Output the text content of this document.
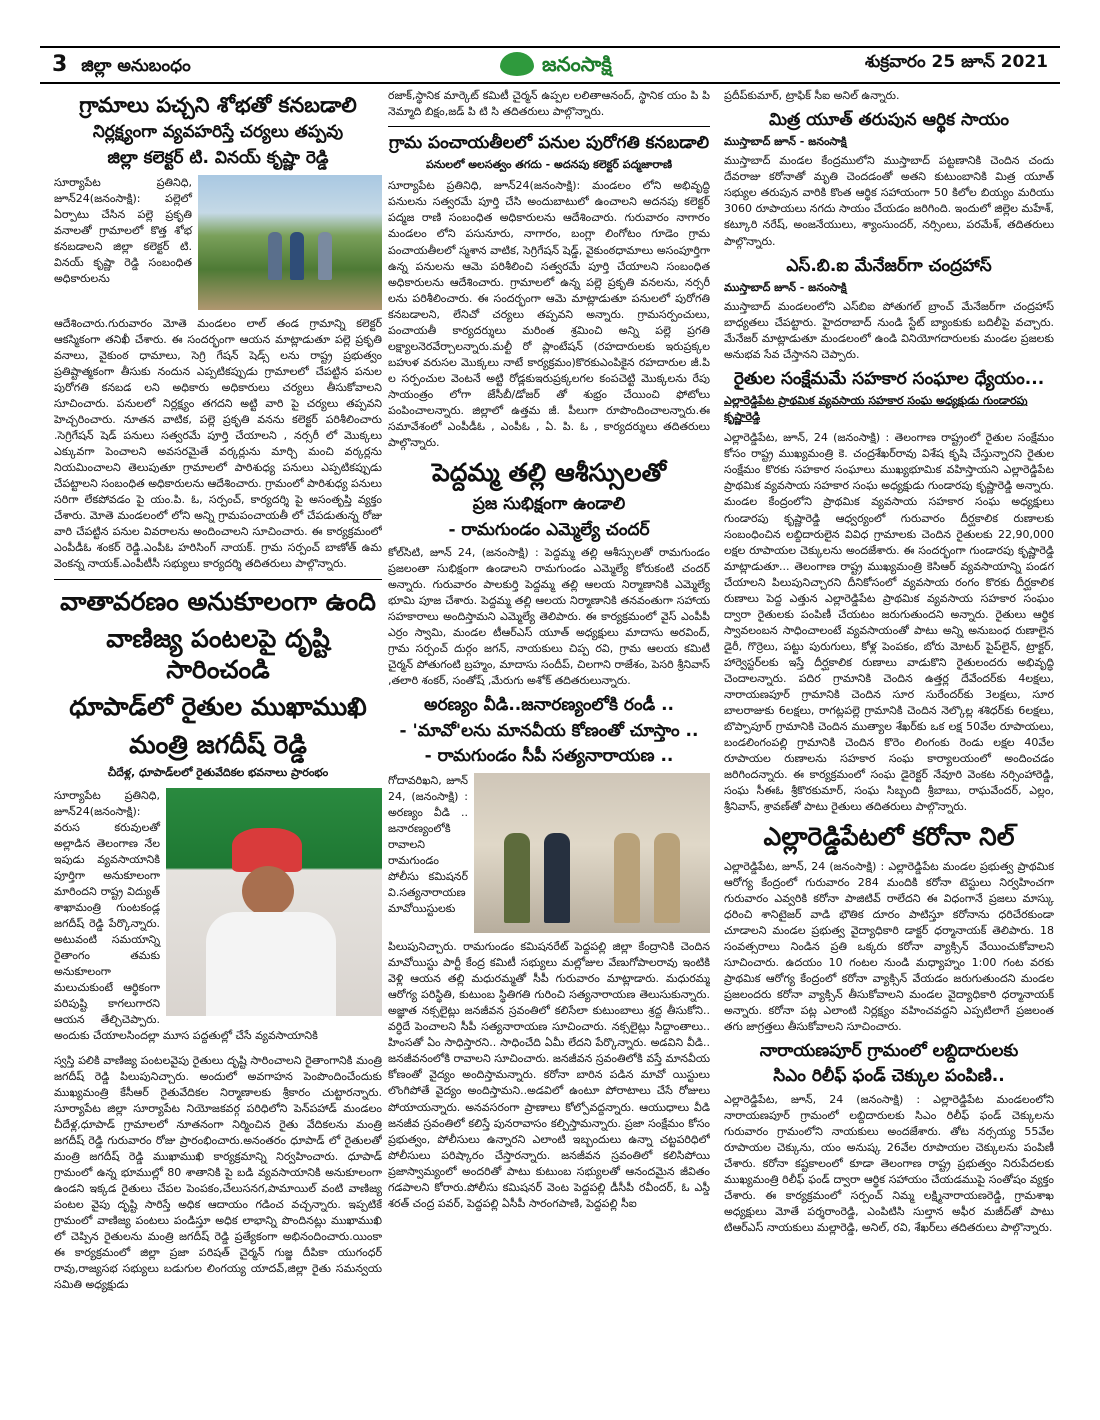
3 జిల్లా అనుబంధం	జనంసాక్షి	శుక్రవారం 25 జూన్ 2021
గ్రామాలు పచ్చని శోభతో కనబడాలి
నిర్లక్ష్యంగా వ్యవహరిస్తే చర్యలు తప్పవు
జిల్లా కలెక్టర్ టి. వినయ్ కృష్ణా రెడ్డి

సూర్యాపేట ప్రతినిధి, జూన్24(జనంసాక్షి): పల్లెలో ఏర్పాటు చేసిన పల్లె ప్రకృతి వనాలతో గ్రామాలలో కొత్త శోభ కనబడాలని జిల్లా కలెక్టర్ టి. వినయ్ కృష్ణా రెడ్డి సంబంధిత అధికారులను

ఆదేశించారు.గురువారం మోతె మండలం లాల్ తండ గ్రామాన్ని కలెక్టర్ ఆకస్మికంగా తనిఖీ చేశారు. ఈ సందర్భంగా ఆయన మాట్లాడుతూ పల్లె ప్రకృతి వనాలు, వైకుంఠ ధామాలు, సెగ్రి గేషన్ షెడ్స్ లను రాష్ట్ర ప్రభుత్వం ప్రతిష్టాత్మకంగా తీసుకు నందున ఎప్పటికప్పుడు గ్రామాలలో చేపట్టిన పనుల పురోగతి కనబడ లని అధికారు అధికారులు చర్యలు తీసుకోవాలని సూచించారు. పనులలో నిర్లక్ష్యం తగదని అట్టి వారి పై చర్యలు తప్పవని హెచ్చరించారు. నూతన వాటిక, పల్లె ప్రకృతి వనను కలెక్టర్ పరిశీలించారు .సెగ్రిగేషన్ షెడ్ పనులు సత్వరమే పూర్తి చేయాలని , నర్సరీ లో మొక్కలు ఎక్కువగా పెంచాలని అవసరమైతే వర్కర్లును మార్చి మంచి వర్కర్లను నియమించాలని తెలుపుతూ గ్రామాలలో పారిశుధ్య పనులు ఎప్పటికప్పుడు చేపట్టాలని సంబంధిత అధికారులను ఆదేశించారు. గ్రామంలో పారిశుధ్య పనులు సరిగా లేకపోవడం పై యం.పి. ఓ, సర్పంచ్, కార్యదర్శి పై అసంతృప్తి వ్యక్తం చేశారు. మోతె మండలంలో లోని అన్ని గ్రామపంచాయతీ లో చేపడుతున్న రోజు వారి చేపట్టిన పనుల వివరాలను అందించాలని సూచించారు. ఈ కార్యక్రమంలో ఎంపీడీఓ శంకర్ రెడ్డి.ఎంపీఓ హరిసింగ్ నాయక్. గ్రామ సర్పంచ్ బాణోత్ ఉమ వెంకన్న నాయక్.ఎంపీటీసీ సభ్యులు కార్యదర్శి తదితరులు పాల్గొన్నారు.

వాతావరణం అనుకూలంగా ఉంది
వాణిజ్య పంటలపై దృష్టి సారించండి
ధూపాడ్‌లో రైతుల ముఖాముఖి
మంత్రి జగదీష్ రెడ్డి
చీదేళ్ల, ధూపాడ్‌లలో రైతువేదికల భవనాలు ప్రారంభం

సూర్యాపేట ప్రతినిధి, జూన్24(జనంసాక్షి): వరుస కరువులతో అల్లాడిన తెలంగాణ నేల ఇపుడు వ్యవసాయానికి పూర్తిగా అనుకూలంగా మారిందని రాష్ట్ర విద్యుత్ శాఖామంత్రి గుంటకండ్ల జగదీష్ రెడ్డి పేర్కొన్నారు. అటువంటి సమయాన్ని రైతాంగం తమకు అనుకూలంగా మలుచుకుంటే ఆర్థికంగా పరిపుష్టి కాగలుగారని ఆయన తేల్చిచెప్పారు. అందుకు చేయాలసిందల్లా మూస పద్దతుల్లో చేసే వ్యవసాయానికి

స్వస్తి పలికి వాణిజ్య పంటలవైపు రైతులు దృష్టి సారించాలని రైతాంగానికి మంత్రి జగదీష్ రెడ్డి పిలుపునిచ్చారు. అందులో అవగాహన పెంపొందించేందుకు ముఖ్యమంత్రి కేసీఆర్ రైతువేదికల నిర్మాణాలకు శ్రీకారం చుట్టారన్నారు. సూర్యాపేట జిల్లా సూర్యాపేట నియోజకవర్గ పరిధిలోని పెన్‌పహాడ్ మండలం చీదేళ్ల,ధూపాడ్ గ్రామాలలో నూతనంగా నిర్మించిన రైతు వేదికలను మంత్రి జగదీష్ రెడ్డి గురువారం రోజు ప్రారంభించారు.అనంతరం ధూపాడ్ లో రైతులతో మంత్రి జగదీష్ రెడ్డి ముఖాముఖి కార్యక్రమాన్ని నిర్వహించారు. ధూపాడ్ గ్రామంలో ఉన్న భూముల్లో 80 శాతానికి పై బడి వ్యవసాయానికి అనుకూలంగా ఉండని ఇక్కడ రైతులు చేపల పెంపకం,చేలుసనగ,పామాయిల్ వంటి వాణిజ్య పంటల వైపు దృష్టి సారిస్తే అధిక ఆదాయం గడించ వచ్చన్నారు. ఇప్పటికే గ్రామంలో వాణిజ్య పంటలు పండిస్తూ అధిక లాభాన్ని పొందినట్లు ముఖాముఖి లో చెప్పిన రైతులను మంత్రి జగదీష్ రెడ్డి ప్రత్యేకంగా అభినందించారు.యింకా ఈ కార్యక్రమంలో జిల్లా ప్రజా పరిషత్ చైర్మన్ గుజ్జ దీపికా యుగంధర్ రావు,రాజ్యసభ సభ్యులు బడుగుల లింగయ్య యాదవ్,జిల్లా రైతు సమన్వయ సమితి అధ్యక్షుడు

రజాక్,స్థానిక మార్కెట్ కమిటీ చైర్మన్ ఉప్పల లలితాఆనంద్, స్థానిక యం పి పి నెమ్మాది బిక్షం,జడ్ పి టి సి తదితరులు పాల్గొన్నారు.

గ్రామ పంచాయతీలలో పనుల పురోగతి కనబడాలి
పనులలో అలసత్వం తగదు - అదనపు కలెక్టర్ పద్మజారాణి

సూర్యాపేట ప్రతినిధి, జూన్24(జనంసాక్షి): మండలం లోని అభివృద్ధి పనులను సత్వరమే పూర్తి చేసి అందుబాటులో ఉంచాలని అదనపు కలెక్టర్ పద్మజ రాణి సంబంధిత అధికారులను ఆదేశించారు. గురువారం నాగారం మండలం లోని పసునూరు, నాగారం, బంగ్లా లింగోటం గూడెం గ్రామ పంచాయతీలలో స్మశాన వాటిక, సెగ్రిగేషన్ షెడ్డ్, వైకుంఠధామాలు అసంపూర్తిగా ఉన్న పనులను ఆమె పరిశీలించి సత్వరమే పూర్తి చేయాలని సంబంధిత అధికారులను ఆదేశించారు. గ్రామాలలో ఉన్న పల్లె ప్రకృతి వనలను, నర్సరీ లను పరిశీలించారు. ఈ సందర్భంగా ఆమె మాట్లాడుతూ పనులలో పురోగతి కనబడాలని, లేనిచో చర్యలు తప్పవని అన్నారు. గ్రామసర్పంచులు, పంచాయతీ కార్యదర్శులు మరింత శ్రమించి అన్ని పల్లె ప్రగతి లక్ష్యాలనెరవేర్చాలన్నారు.మల్టీ రో ప్లాంటేషన్ (రహదారులకు ఇరుప్రక్కల బహుళ వరుసల మొక్కలు నాటే కార్యక్రమం)కొరకుఎంపికైన రహదారుల జీ.పి ల సర్పంచుల వెంటనే అట్టి రోడ్లకుఇరుప్రక్కలగల కంపచెట్టి మొక్కలను రేపు సాయంత్రం లోగా జేసీబీ/డోజర్ తో శుభ్రం చేయించి ఫోటోలు పంపించాలన్నారు. జిల్లాలో ఉత్తమ జీ. పీలుగా రూపొందించాలన్నారు.ఈ సమావేశంలో ఎంపీడీఓ , ఎంపీఓ , ఏ. పి. ఓ , కార్యదర్శులు తదితరులు పాల్గొన్నారు.

పెద్దమ్మ తల్లి ఆశీస్సులతో
ప్రజ సుభిక్షంగా ఉండాలి
- రామగుండం ఎమ్మెల్యే చందర్

కోల్‌సిటి, జూన్ 24, (జనంసాక్షి) : పెద్దమ్మ తల్లి ఆశీస్సులతో రామగుండం ప్రజలంతా సుభిక్షంగా ఉండాలని రామగుండం ఎమ్మెల్యే కోరుకంటి చందర్ అన్నారు. గురువారం పాలకుర్తి పెద్దమ్మ తల్లి ఆలయ నిర్మాణానికి ఎమ్మెల్యే భూమి పూజ చేశారు. పెద్దమ్మ తల్లి ఆలయ నిర్మాణానికి తనవంతుగా సహాయ సహకారాలు అందిస్తామని ఎమ్మెల్యే తెలిపారు. ఈ కార్యక్రమంలో వైస్ ఎంపీపీ ఎర్రం స్వామి, మండల టీఆర్ఎస్ యూత్ అధ్యక్షులు మాదాసు అరవింద్, గ్రామ సర్పంచ్ దుర్గం జగన్, నాయకులు చిప్ప రవి, గ్రామ ఆలయ కమిటీ చైర్మన్ పోతుగంటి బ్రహ్మం, మాదాసు సందీప్, చిలగాని రాజేశం, పెసరి శ్రీనివాస్ ,తలారి శంకర్, సంతోష్ ,మేరుగు అశోక్ తదితరులున్నారు.

అరణ్యం వీడి..జనారణ్యంలోకి రండీ ..
- 'మావో'లను మానవీయ కోణంతో చూస్తాం ..
- రామగుండం సీపీ సత్యనారాయణ ..

గోదావరిఖని, జూన్ 24, (జనంసాక్షి) : అరణ్యం వీడి .. జనారణ్యంలోకి రావాలని రామగుండం పోలీసు కమిషనర్ వి.సత్యనారాయణ మావోయిస్టులకు

పిలుపునిచ్చారు. రామగుండం కమిషనరేట్ పెద్దపల్లి జిల్లా కేంద్రానికి చెందిన మావోయిస్టు పార్టీ కేంద్ర కమిటీ సభ్యులు మల్లోజుల వేణుగోపాలరావు ఇంటికి వెళ్లి ఆయన తల్లి మధురమ్మతో సీపీ గురువారం మాట్లాడారు. మధురమ్మ ఆరోగ్య పరిస్థితి, కుటుంబ స్థితిగతి గురించి సత్యనారాయణ తెలుసుకున్నారు. అజ్ఞాత నక్సలైట్లు జనజీవన స్రవంతిలో కలిసేలా కుటుంబాలు శ్రద్ద తీసుకోని.. వర్ధిదే పెంచాలని సీపీ సత్యనారాయణ సూచించారు. నక్సలైట్లు సిద్దాంతాలు.. హింసతో ఏం సాధిస్తారని.. సాధించేది ఏమీ లేదని పేర్కొన్నారు. అడవిని వీడి.. జనజీవనంలోకి రావాలని సూచించారు. జనజీవన స్రవంతిలోకి వస్తే మానవీయ కోణంతో వైద్యం అందిస్తామన్నారు. కరోనా బారిన పడిన మావో యిస్టులు లొంగిపోతే వైద్యం అందిస్తామని..అడవిలో ఉంటూ పోరాటాలు చేసే రోజులు పోయాయన్నారు. అనవసరంగా ప్రాణాలు కోల్పోవద్దన్నారు. ఆయుధాలు వీడి జనజీవ స్రవంతిలో కలిస్తే పునరావాసం కల్పిస్తామన్నారు. ప్రజా సంక్షేమం కోసం ప్రభుత్వం, పోలీసులు ఉన్నారని ఎలాంటి ఇబ్బందులు ఉన్నా చట్టపరిధిలో పోలీసులు పరిష్కారం చేస్తారన్నారు. జనజీవన స్రవంతిలో కలిసిపోయి ప్రజాస్వామ్యంలో అందరితో పాటు కుటుంబ సభ్యులతో ఆనందమైన జీవితం గడపాలని కోరారు.పోలీసు కమిషనర్ వెంట పెద్దపల్లి డీసీపీ రవీందర్, ఓ ఎస్డీ శరత్ చంద్ర పవర్, పెద్దపల్లి ఏసీపీ సారంగపాణి, పెద్దపల్లి సీఐ

ప్రదీప్‌కుమార్, ట్రాఫిక్ సీఐ అనిల్ ఉన్నారు.

మిత్ర యూత్ తరుపున ఆర్థిక సాయం
ముస్తాబాద్ జూన్ - జనంసాక్షి

ముస్తాబాద్ మండల కేంద్రములోని ముస్తాబాద్ పట్టణానికి చెందిన చందు దేవరాజు కరోనాతో మృతి చెందడంతో అతని కుటుంబానికి మిత్ర యూత్ సభ్యుల తరుపున వారికి కొంత ఆర్థిక సహాయంగా 50 కిలోల బియ్యం మరియు 3060 రూపాయలు నగదు సాయం చేయడం జరిగింది. ఇందులో జిల్లెల మహేశ్, కట్కూరి నరేష్, అంజనేయులు, శ్యాంసుందర్, నర్సింలు, పరమేశ్, తదితరులు పాల్గొన్నారు.

ఎస్.బి.ఐ మేనేజర్‌గా చంద్రహాస్
ముస్తాబాద్ జూన్ - జనంసాక్షి

ముస్తాబాద్ మండలంలోని ఎస్‌బిఐ పోతుగల్ బ్రాంచ్ మేనేజర్‌గా చంద్రహాస్ బాధ్యతలు చేపట్టారు. హైదరాబాద్ నుండి స్టేట్ బ్యాంకుకు బదిలీపై వచ్చారు. మేనేజర్ మాట్లాడుతూ మండలంలో ఉండి వినియోగదారులకు మండల ప్రజలకు అనుభవ సేవ చేస్తానని చెప్పారు.

రైతుల సంక్షేమమే సహకార సంఘాల ధ్యేయం...
ఎల్లారెడ్డిపేట ప్రాథమిక వ్యవసాయ సహకార సంఘ అధ్యక్షుడు గుండారపు కృష్ణారెడ్డి

ఎల్లారెడ్డిపేట, జూన్, 24 (జనంసాక్షి) : తెలంగాణ రాష్ట్రంలో రైతుల సంక్షేమం కోసం రాష్ట్ర ముఖ్యమంత్రి కె. చంద్రశేఖర్‌రావు విశేష కృషి చేస్తున్నారని రైతుల సంక్షేమం కొరకు సహకార సంఘాలు ముఖ్యభూమిక వహిస్తాయని ఎల్లారెడ్డిపేట ప్రాథమిక వ్యవసాయ సహకార సంఘ అధ్యక్షుడు గుండారపు కృష్ణారెడ్డి అన్నారు. మండల కేంద్రంలోని ప్రాథమిక వ్యవసాయ సహకార సంఘ అధ్యక్షులు గుండారపు కృష్ణారెడ్డి ఆధ్వర్యంలో గురువారం దీర్ఘకాలిక రుణాలకు సంబంధించిన లబ్దిదారులైన వివిధ గ్రామాలకు చెందిన రైతులకు 22,90,000 లక్షల రూపాయల చెక్కులను అందజేశారు. ఈ సందర్భంగా గుండారపు కృష్ణారెడ్డి మాట్లాడుతూ... తెలంగాణ రాష్ట్ర ముఖ్యమంత్రి కెసిఆర్ వ్యవసాయాన్ని పండగ చేయాలని పిలుపునిచ్చారని దీనికోసంలో వ్యవసాయ రంగం కొరకు దీర్ఘకాలిక రుణాలు పెద్ద ఎత్తున ఎల్లారెడ్డిపేట ప్రాథమిక వ్యవసాయ సహకార సంఘం ద్వారా రైతులకు పంపిణీ చేయటం జరుగుతుందని అన్నారు. రైతులు ఆర్థిక స్వావలంబన సాధించాలంటే వ్యవసాయంతో పాటు అన్ని అనుబంధ రుణాలైన డైరీ, గొర్రెలు, పట్టు పురుగులు, కోళ్ల పెంపకం, బోరు మోటర్ పైప్‌లైన్, ట్రాక్టర్, హార్వెస్టర్‌లకు ఇస్తే దీర్ఘకాలిక రుణాలు వాడుకొని రైతులందరు అభివృద్ధి చెందాలన్నారు. పదిర గ్రామానికి చెందిన ఉత్తర్ల దేవేందర్‌కు 4లక్షలు, నారాయణపూర్ గ్రామానికి చెందిన సూర సురేందర్‌కు 3లక్షలు, సూర బాలరాజుకు 6లక్షలు, రాగట్లపల్లె గ్రామానికి చెందిన నెల్కొల్ల శశిధర్‌కు 6లక్షలు, బొప్పాపూర్ గ్రామానికి చెందిన ముత్యాల శేఖర్‌కు ఒక లక్ష 50వేల రూపాయలు, బండలింగంపల్లి గ్రామానికి చెందిన కొరెం లింగంకు రెండు లక్షల 40వేల రూపాయల రుణాలను సహకార సంఘ కార్యాలయంలో అందించడం జరిగిందన్నారు. ఈ కార్యక్రమంలో సంఘ డైరెక్టర్ నేవూరి వెంకట నర్సింహారెడ్డి, సంఘ సీఈఓ శ్రీకొరకుమార్, సంఘ సిబ్బంది శ్రీబాబు, రాఘవేందర్, ఎల్లం, శ్రీనివాస్, శ్రావణ్‌తో పాటు రైతులు తదితరులు పాల్గొన్నారు.

ఎల్లారెడ్డిపేటలో కరోనా నిల్

ఎల్లారెడ్డిపేట, జూన్, 24 (జనంసాక్షి) : ఎల్లారెడ్డిపేట మండల ప్రభుత్వ ప్రాథమిక ఆరోగ్య కేంద్రంలో గురువారం 284 మందికి కరోనా టెస్టులు నిర్వహించగా గురువారం ఎవ్వరికి కరోనా పాజిటివ్ రాలేదని ఈ విధంగానే ప్రజలు మాస్కు ధరించి శానిటైజర్ వాడి భౌతిక దూరం పాటిస్తూ కరోనాను ధరిచేరకుండా చూడాలని మండల ప్రభుత్వ వైద్యాధికారి డాక్టర్ ధర్మానాయక్ తెలిపారు. 18 సంవత్సరాలు నిండిన ప్రతి ఒక్కరు కరోనా వ్యాక్సిన్ వేయించుకోవాలని సూచించారు. ఉదయం 10 గంటల నుండి మధ్యాహ్నం 1:00 గంట వరకు ప్రాథమిక ఆరోగ్య కేంద్రంలో కరోనా వ్యాక్సిన్ వేయడం జరుగుతుందని మండల ప్రజలందరు కరోనా వ్యాక్సిన్ తీసుకోవాలని మండల వైద్యాధికారి ధర్మానాయక్ అన్నారు. కరోనా పట్ల ఎలాంటి నిర్లక్ష్యం వహించవద్దని ఎప్పటిలాగే ప్రజలంత తగు జాగ్రత్తలు తీసుకోవాలని సూచించారు.

నారాయణపూర్ గ్రామంలో లబ్దిదారులకు
సిఎం రిలీఫ్ ఫండ్ చెక్కుల పంపిణి..

ఎల్లారెడ్డిపేట, జూన్, 24 (జనంసాక్షి) : ఎల్లారెడ్డిపేట మండలంలోని నారాయణపూర్ గ్రామంలో లబ్దిదారులకు సిఎం రిలీఫ్ ఫండ్ చెక్కులను గురువారం గ్రామంలోని నాయకులు అందజేశారు. తోట నర్సయ్య 55వేల రూపాయల చెక్కును, యం అనుష్క 26వేల రూపాయల చెక్కులను పంపిణీ చేశారు. కరోనా కష్టకాలంలో కూడా తెలంగాణ రాష్ట్ర ప్రభుత్వం నిరుపేదలకు ముఖ్యమంత్రి రిలీఫ్ ఫండ్ ద్వారా ఆర్థిక సహాయం చేయడముపై సంతోషం వ్యక్తం చేశారు. ఈ కార్యక్రమంలో సర్పంచ్ నిమ్మ లక్ష్మినారాయణరెడ్డి, గ్రామశాఖ అధ్యక్షులు మోతే పర్శరాంరెడ్డి, ఎంపిటిసి సుల్తాన అఫీర మజీద్‌తో పాటు టిఆర్ఎస్ నాయకులు మల్లారెడ్డి, అనిల్, రవి, శేఖర్‌లు తదితరులు పాల్గొన్నారు.
